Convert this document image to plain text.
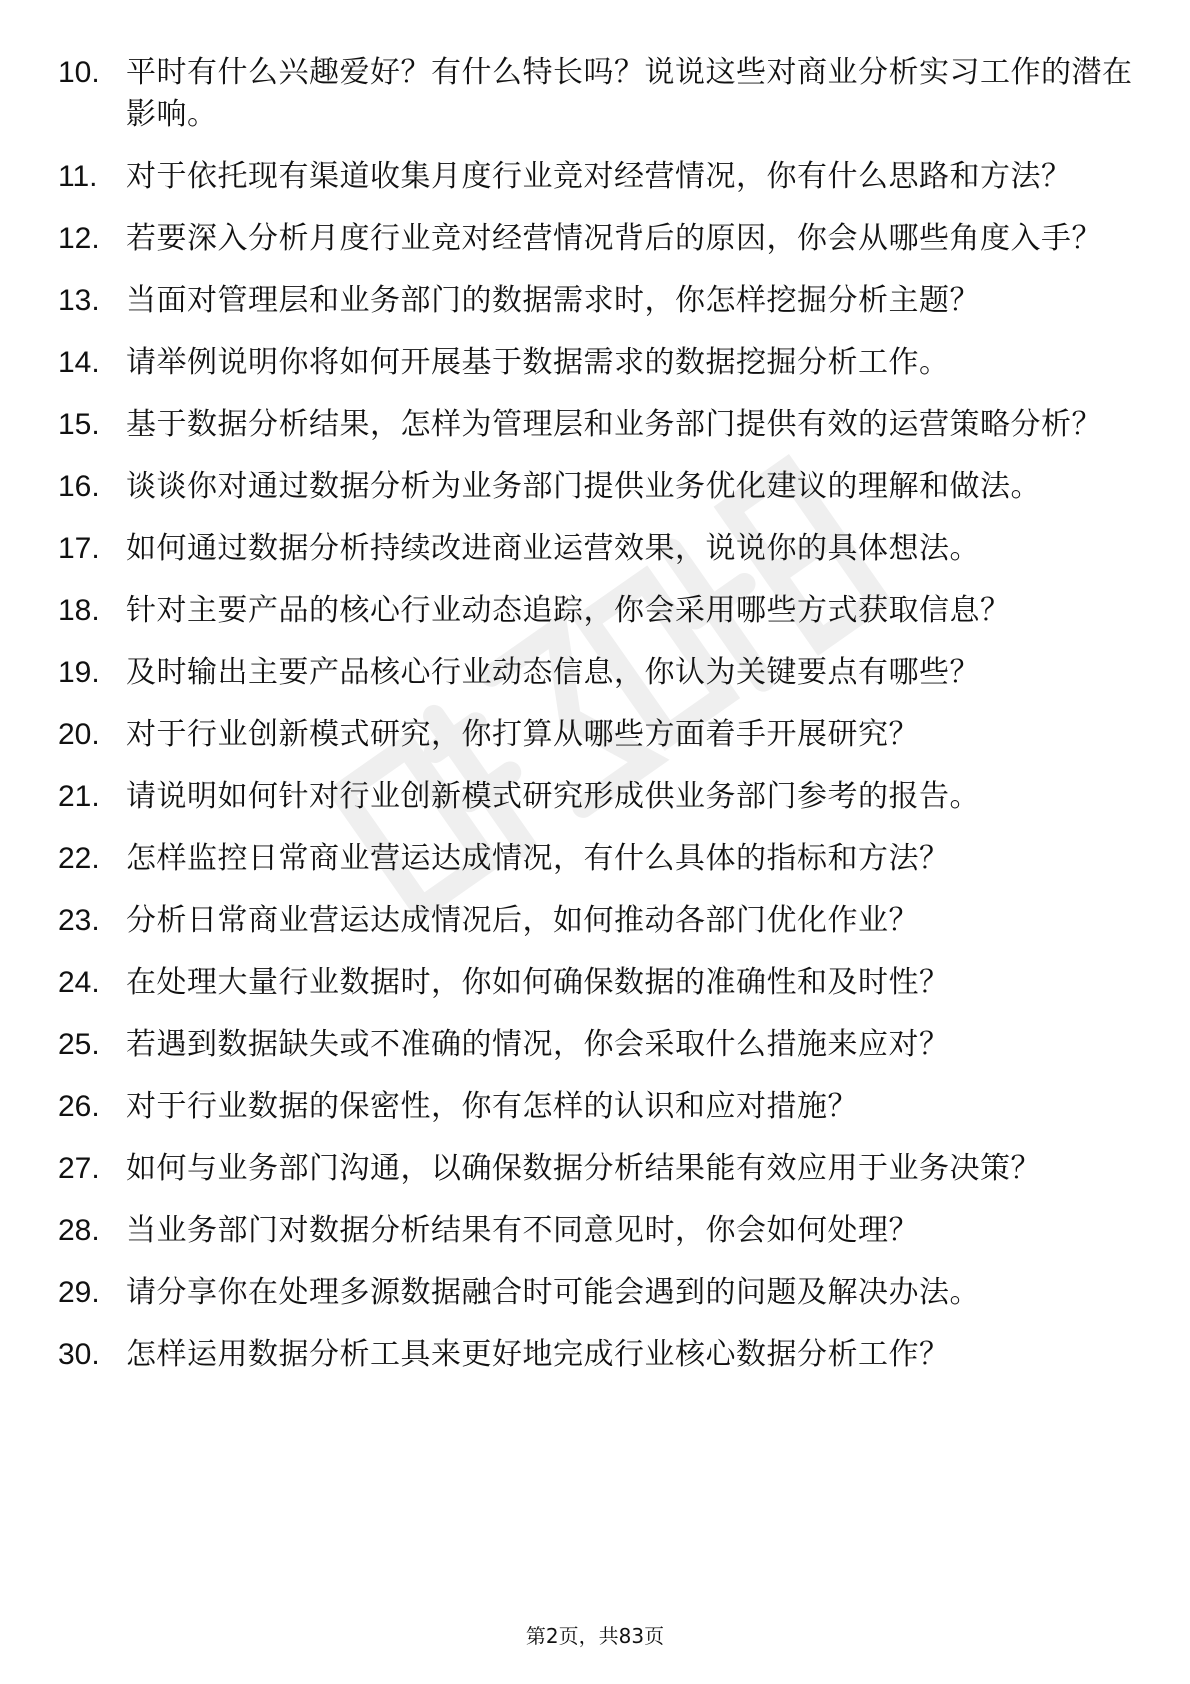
10. 平时有什么兴趣爱好？有什么特长吗？说说这些对商业分析实习工作的潜在影响。
11. 对于依托现有渠道收集月度行业竞对经营情况，你有什么思路和方法？
12. 若要深入分析月度行业竞对经营情况背后的原因，你会从哪些角度入手？
13. 当面对管理层和业务部门的数据需求时，你怎样挖掘分析主题？
14. 请举例说明你将如何开展基于数据需求的数据挖掘分析工作。
15. 基于数据分析结果，怎样为管理层和业务部门提供有效的运营策略分析？
16. 谈谈你对通过数据分析为业务部门提供业务优化建议的理解和做法。
17. 如何通过数据分析持续改进商业运营效果，说说你的具体想法。
18. 针对主要产品的核心行业动态追踪，你会采用哪些方式获取信息？
19. 及时输出主要产品核心行业动态信息，你认为关键要点有哪些？
20. 对于行业创新模式研究，你打算从哪些方面着手开展研究？
21. 请说明如何针对行业创新模式研究形成供业务部门参考的报告。
22. 怎样监控日常商业营运达成情况，有什么具体的指标和方法？
23. 分析日常商业营运达成情况后，如何推动各部门优化作业？
24. 在处理大量行业数据时，你如何确保数据的准确性和及时性？
25. 若遇到数据缺失或不准确的情况，你会采取什么措施来应对？
26. 对于行业数据的保密性，你有怎样的认识和应对措施？
27. 如何与业务部门沟通，以确保数据分析结果能有效应用于业务决策？
28. 当业务部门对数据分析结果有不同意见时，你会如何处理？
29. 请分享你在处理多源数据融合时可能会遇到的问题及解决办法。
30. 怎样运用数据分析工具来更好地完成行业核心数据分析工作？
第2页，共83页
